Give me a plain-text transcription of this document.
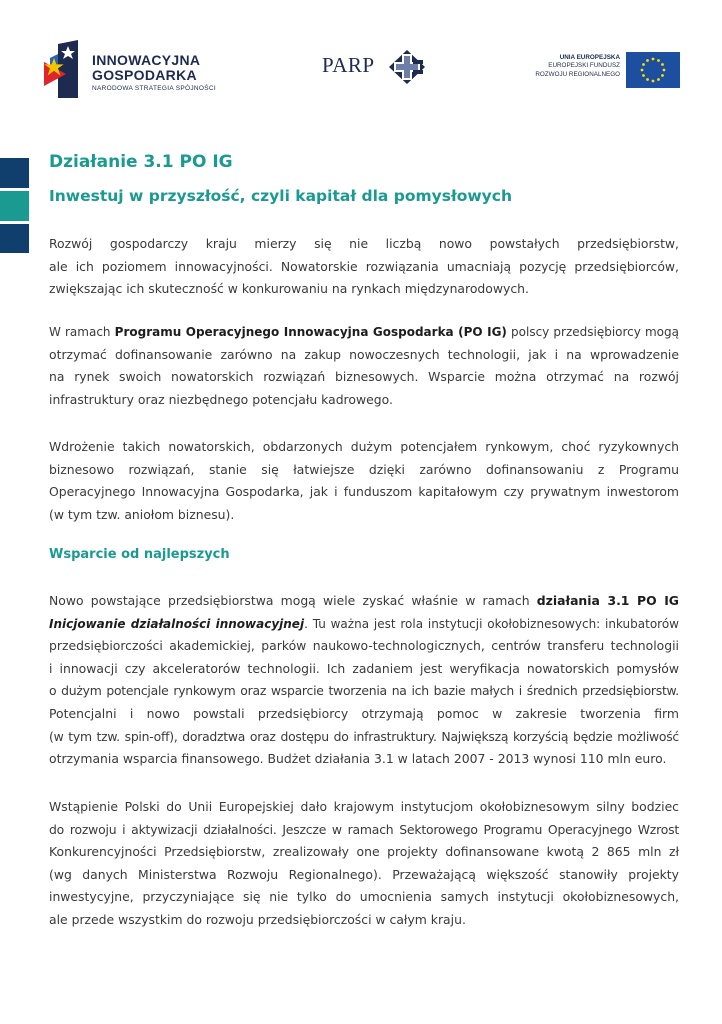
INNOWACYJNA
GOSPODARKA
NARODOWA STRATEGIA SPÓJNOŚCI
PARP	UNIA EUROPEJSKA
EUROPEJSKI FUNDUSZ
ROZWOJU REGIONALNEGO
Działanie 3.1 PO IG
Inwestuj w przyszłość, czyli kapitał dla pomysłowych
Rozwój gospodarczy kraju mierzy się nie liczbą nowo powstałych przedsiębiorstw,
ale ich poziomem innowacyjności. Nowatorskie rozwiązania umacniają pozycję przedsiębiorców,
zwiększając ich skuteczność w konkurowaniu na rynkach międzynarodowych.
W ramach Programu Operacyjnego Innowacyjna Gospodarka (PO IG) polscy przedsiębiorcy mogą
otrzymać dofinansowanie zarówno na zakup nowoczesnych technologii, jak i na wprowadzenie
na rynek swoich nowatorskich rozwiązań biznesowych. Wsparcie można otrzymać na rozwój
infrastruktury oraz niezbędnego potencjału kadrowego.
Wdrożenie takich nowatorskich, obdarzonych dużym potencjałem rynkowym, choć ryzykownych
biznesowo rozwiązań, stanie się łatwiejsze dzięki zarówno dofinansowaniu z Programu
Operacyjnego Innowacyjna Gospodarka, jak i funduszom kapitałowym czy prywatnym inwestorom
(w tym tzw. aniołom biznesu).
Wsparcie od najlepszych
Nowo powstające przedsiębiorstwa mogą wiele zyskać właśnie w ramach działania 3.1 PO IG
Inicjowanie działalności innowacyjnej. Tu ważna jest rola instytucji okołobiznesowych: inkubatorów
przedsiębiorczości akademickiej, parków naukowo-technologicznych, centrów transferu technologii
i innowacji czy akceleratorów technologii. Ich zadaniem jest weryfikacja nowatorskich pomysłów
o dużym potencjale rynkowym oraz wsparcie tworzenia na ich bazie małych i średnich przedsiębiorstw.
Potencjalni i nowo powstali przedsiębiorcy otrzymają pomoc w zakresie tworzenia firm
(w tym tzw. spin-off), doradztwa oraz dostępu do infrastruktury. Największą korzyścią będzie możliwość
otrzymania wsparcia finansowego. Budżet działania 3.1 w latach 2007 - 2013 wynosi 110 mln euro.
Wstąpienie Polski do Unii Europejskiej dało krajowym instytucjom okołobiznesowym silny bodziec
do rozwoju i aktywizacji działalności. Jeszcze w ramach Sektorowego Programu Operacyjnego Wzrost
Konkurencyjności Przedsiębiorstw, zrealizowały one projekty dofinansowane kwotą 2 865 mln zł
(wg danych Ministerstwa Rozwoju Regionalnego). Przeważającą większość stanowiły projekty
inwestycyjne, przyczyniające się nie tylko do umocnienia samych instytucji okołobiznesowych,
ale przede wszystkim do rozwoju przedsiębiorczości w całym kraju.
